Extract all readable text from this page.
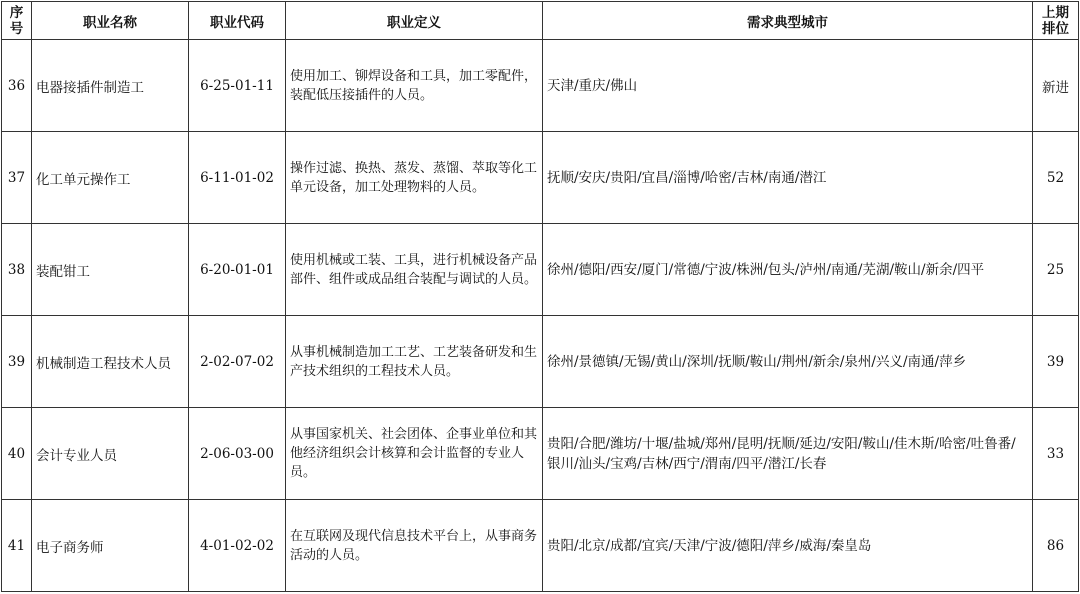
序号	职业名称	职业代码	职业定义	需求典型城市	上期排位
36	电器接插件制造工	6-25-01-11	使用加工、铆焊设备和工具，加工零配件，装配低压接插件的人员。	天津/重庆/佛山	新进
37	化工单元操作工	6-11-01-02	操作过滤、换热、蒸发、蒸馏、萃取等化工单元设备，加工处理物料的人员。	抚顺/安庆/贵阳/宜昌/淄博/哈密/吉林/南通/潜江	52
38	装配钳工	6-20-01-01	使用机械或工装、工具，进行机械设备产品部件、组件或成品组合装配与调试的人员。	徐州/德阳/西安/厦门/常德/宁波/株洲/包头/泸州/南通/芜湖/鞍山/新余/四平	25
39	机械制造工程技术人员	2-02-07-02	从事机械制造加工工艺、工艺装备研发和生产技术组织的工程技术人员。	徐州/景德镇/无锡/黄山/深圳/抚顺/鞍山/荆州/新余/泉州/兴义/南通/萍乡	39
40	会计专业人员	2-06-03-00	从事国家机关、社会团体、企事业单位和其他经济组织会计核算和会计监督的专业人员。	贵阳/合肥/潍坊/十堰/盐城/郑州/昆明/抚顺/延边/安阳/鞍山/佳木斯/哈密/吐鲁番/银川/汕头/宝鸡/吉林/西宁/渭南/四平/潜江/长春	33
41	电子商务师	4-01-02-02	在互联网及现代信息技术平台上，从事商务活动的人员。	贵阳/北京/成都/宜宾/天津/宁波/德阳/萍乡/威海/秦皇岛	86
